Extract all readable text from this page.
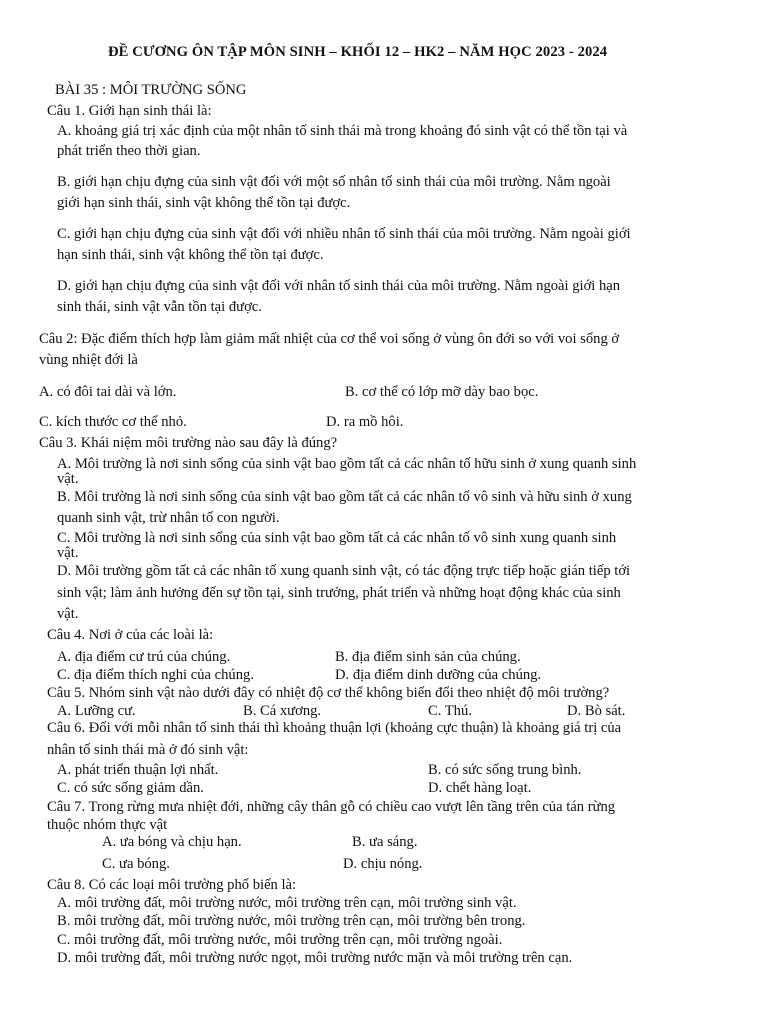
ĐỀ CƯƠNG ÔN TẬP MÔN SINH – KHỐI 12 – HK2 – NĂM HỌC 2023 - 2024
BÀI 35 : MÔI TRƯỜNG SỐNG
Câu 1. Giới hạn sinh thái là:
A. khoảng giá trị xác định của một nhân tố sinh thái mà trong khoảng đó sinh vật có thể tồn tại và
phát triển theo thời gian.
B. giới hạn chịu đựng của sinh vật đối với một số nhân tố sinh thái của môi trường. Nằm ngoài
giới hạn sinh thái, sinh vật không thể tồn tại được.
C. giới hạn chịu đựng của sinh vật đối với nhiều nhân tố sinh thái của môi trường. Nằm ngoài giới
hạn sinh thái, sinh vật không thể tồn tại được.
D. giới hạn chịu đựng của sinh vật đối với nhân tố sinh thái của môi trường. Nằm ngoài giới hạn
sinh thái, sinh vật vẫn tồn tại được.
Câu 2: Đặc điểm thích hợp làm giảm mất nhiệt của cơ thể voi sống ở vùng ôn đới so với voi sống ở
vùng nhiệt đới là
A. có đôi tai dài và lớn.	B. cơ thể có lớp mỡ dày bao bọc.
C. kích thước cơ thể nhỏ.	D. ra mồ hôi.
Câu 3. Khái niệm môi trường nào sau đây là đúng?
A. Môi trường là nơi sinh sống của sinh vật bao gồm tất cả các nhân tố hữu sinh ở xung quanh sinh
vật.
B. Môi trường là nơi sinh sống của sinh vật bao gồm tất cả các nhân tố vô sinh và hữu sinh ở xung
quanh sinh vật, trừ nhân tố con người.
C. Môi trường là nơi sinh sống của sinh vật bao gồm tất cả các nhân tố vô sinh xung quanh sinh
vật.
D. Môi trường gồm tất cả các nhân tố xung quanh sinh vật, có tác động trực tiếp hoặc gián tiếp tới
sinh vật; làm ảnh hưởng đến sự tồn tại, sinh trưởng, phát triển và những hoạt động khác của sinh
vật.
Câu 4. Nơi ở của các loài là:
A. địa điểm cư trú của chúng.	B. địa điểm sinh sản của chúng.
C. địa điểm thích nghi của chúng.	D. địa điểm dinh dưỡng của chúng.
Câu 5. Nhóm sinh vật nào dưới đây có nhiệt độ cơ thể không biến đổi theo nhiệt độ môi trường?
A. Lưỡng cư.	B. Cá xương.	C. Thú.	D. Bò sát.
Câu 6. Đối với mỗi nhân tố sinh thái thì khoảng thuận lợi (khoảng cực thuận) là khoảng giá trị của
nhân tố sinh thái mà ở đó sinh vật:
A. phát triển thuận lợi nhất.	B. có sức sống trung bình.
C. có sức sống giảm dần.	D. chết hàng loạt.
Câu 7. Trong rừng mưa nhiệt đới, những cây thân gỗ có chiều cao vượt lên tầng trên của tán rừng
thuộc nhóm thực vật
A. ưa bóng và chịu hạn.	B. ưa sáng.
C. ưa bóng.	D. chịu nóng.
Câu 8. Có các loại môi trường phổ biến là:
A. môi trường đất, môi trường nước, môi trường trên cạn, môi trường sinh vật.
B. môi trường đất, môi trường nước, môi trường trên cạn, môi trường bên trong.
C. môi trường đất, môi trường nước, môi trường trên cạn, môi trường ngoài.
D. môi trường đất, môi trường nước ngọt, môi trường nước mặn và môi trường trên cạn.
